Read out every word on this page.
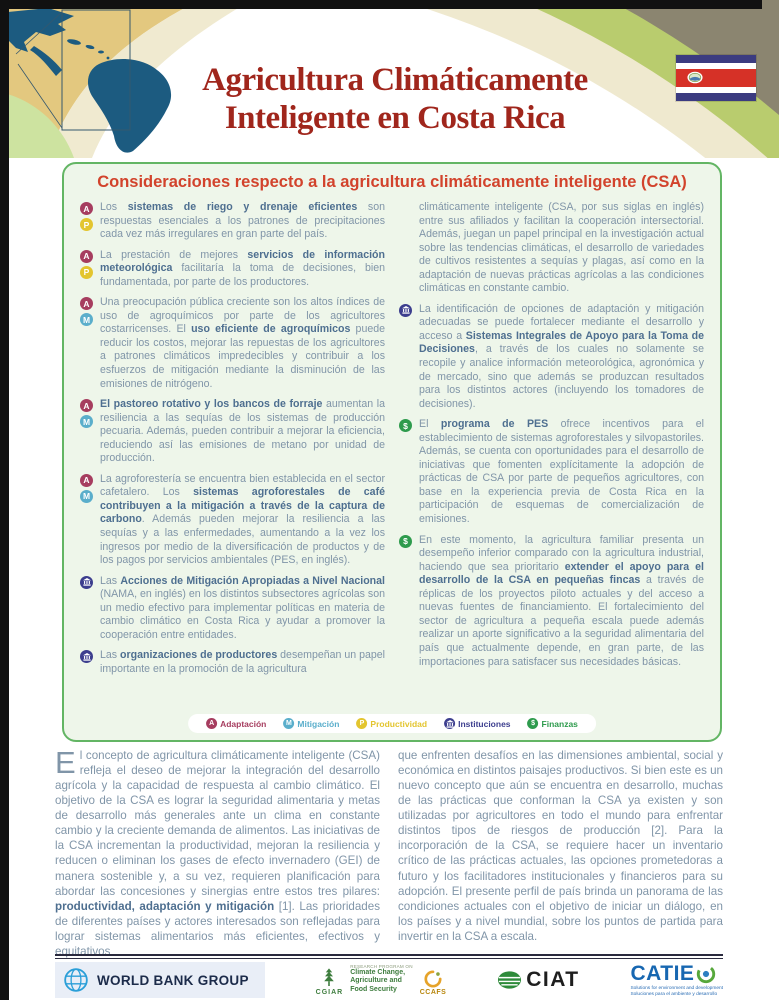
Agricultura Climáticamente
Inteligente en Costa Rica
Consideraciones respecto a la agricultura climáticamente inteligente (CSA)
A
P
Los sistemas de riego y drenaje eficientes son respuestas esenciales a los patrones de precipitaciones cada vez más irregulares en gran parte del país.
A
P
La prestación de mejores servicios de información meteorológica facilitaría la toma de decisiones, bien fundamentada, por parte de los productores.
A
M
Una preocupación pública creciente son los altos índices de uso de agroquímicos por parte de los agricultores costarricenses. El uso eficiente de agroquímicos puede reducir los costos, mejorar las repuestas de los agricultores a patrones climáticos impredecibles y contribuir a los esfuerzos de mitigación mediante la disminución de las emisiones de nitrógeno.
A
M
El pastoreo rotativo y los bancos de forraje aumentan la resiliencia a las sequías de los sistemas de producción pecuaria. Además, pueden contribuir a mejorar la eficiencia, reduciendo así las emisiones de metano por unidad de producción.
A
M
La agroforestería se encuentra bien establecida en el sector cafetalero. Los sistemas agroforestales de café contribuyen a la mitigación a través de la captura de carbono. Además pueden mejorar la resiliencia a las sequías y a las enfermedades, aumentando a la vez los ingresos por medio de la diversificación de productos y de los pagos por servicios ambientales (PES, en inglés).
Las Acciones de Mitigación Apropiadas a Nivel Nacional (NAMA, en inglés) en los distintos subsectores agrícolas son un medio efectivo para implementar políticas en materia de cambio climático en Costa Rica y ayudar a promover la cooperación entre entidades.
Las organizaciones de productores desempeñan un papel importante en la promoción de la agricultura
climáticamente inteligente (CSA, por sus siglas en inglés) entre sus afiliados y facilitan la cooperación intersectorial. Además, juegan un papel principal en la investigación actual sobre las tendencias climáticas, el desarrollo de variedades de cultivos resistentes a sequías y plagas, así como en la adaptación de nuevas prácticas agrícolas a las condiciones climáticas en constante cambio.
La identificación de opciones de adaptación y mitigación adecuadas se puede fortalecer mediante el desarrollo y acceso a Sistemas Integrales de Apoyo para la Toma de Decisiones, a través de los cuales no solamente se recopile y analice información meteorológica, agronómica y de mercado, sino que además se produzcan resultados para los distintos actores (incluyendo los tomadores de decisiones).
$	El programa de PES ofrece incentivos para el establecimiento de sistemas agroforestales y silvopastoriles. Además, se cuenta con oportunidades para el desarrollo de iniciativas que fomenten explícitamente la adopción de prácticas de CSA por parte de pequeños agricultores, con base en la experiencia previa de Costa Rica en la participación de esquemas de comercialización de emisiones.
$	En este momento, la agricultura familiar presenta un desempeño inferior comparado con la agricultura industrial, haciendo que sea prioritario extender el apoyo para el desarrollo de la CSA en pequeñas fincas a través de réplicas de los proyectos piloto actuales y del acceso a nuevas fuentes de financiamiento. El fortalecimiento del sector de agricultura a pequeña escala puede además realizar un aporte significativo a la seguridad alimentaria del país que actualmente depende, en gran parte, de las importaciones para satisfacer sus necesidades básicas.
A Adaptación	M Mitigación	P Productividad	Instituciones	$ Finanzas

El concepto de agricultura climáticamente inteligente (CSA) refleja el deseo de mejorar la integración del desarrollo agrícola y la capacidad de respuesta al cambio climático. El objetivo de la CSA es lograr la seguridad alimentaria y metas de desarrollo más generales ante un clima en constante cambio y la creciente demanda de alimentos. Las iniciativas de la CSA incrementan la productividad, mejoran la resiliencia y reducen o eliminan los gases de efecto invernadero (GEI) de manera sostenible y, a su vez, requieren planificación para abordar las concesiones y sinergias entre estos tres pilares: productividad, adaptación y mitigación [1]. Las prioridades de diferentes países y actores interesados son reflejadas para lograr sistemas alimentarios más eficientes, efectivos y equitativos

que enfrenten desafíos en las dimensiones ambiental, social y económica en distintos paisajes productivos. Si bien este es un nuevo concepto que aún se encuentra en desarrollo, muchas de las prácticas que conforman la CSA ya existen y son utilizadas por agricultores en todo el mundo para enfrentar distintos tipos de riesgos de producción [2]. Para la incorporación de la CSA, se requiere hacer un inventario crítico de las prácticas actuales, las opciones prometedoras a futuro y los facilitadores institucionales y financieros para su adopción. El presente perfil de país brinda un panorama de las condiciones actuales con el objetivo de iniciar un diálogo, en los países y a nivel mundial, sobre los puntos de partida para invertir en la CSA a escala.

WORLD BANK GROUP
CGIAR
RESEARCH PROGRAM ON
Climate Change,
Agriculture and
Food Security	CCAFS
CIAT CATIE
Solutions for environment and development
Soluciones para el ambiente y desarrollo
